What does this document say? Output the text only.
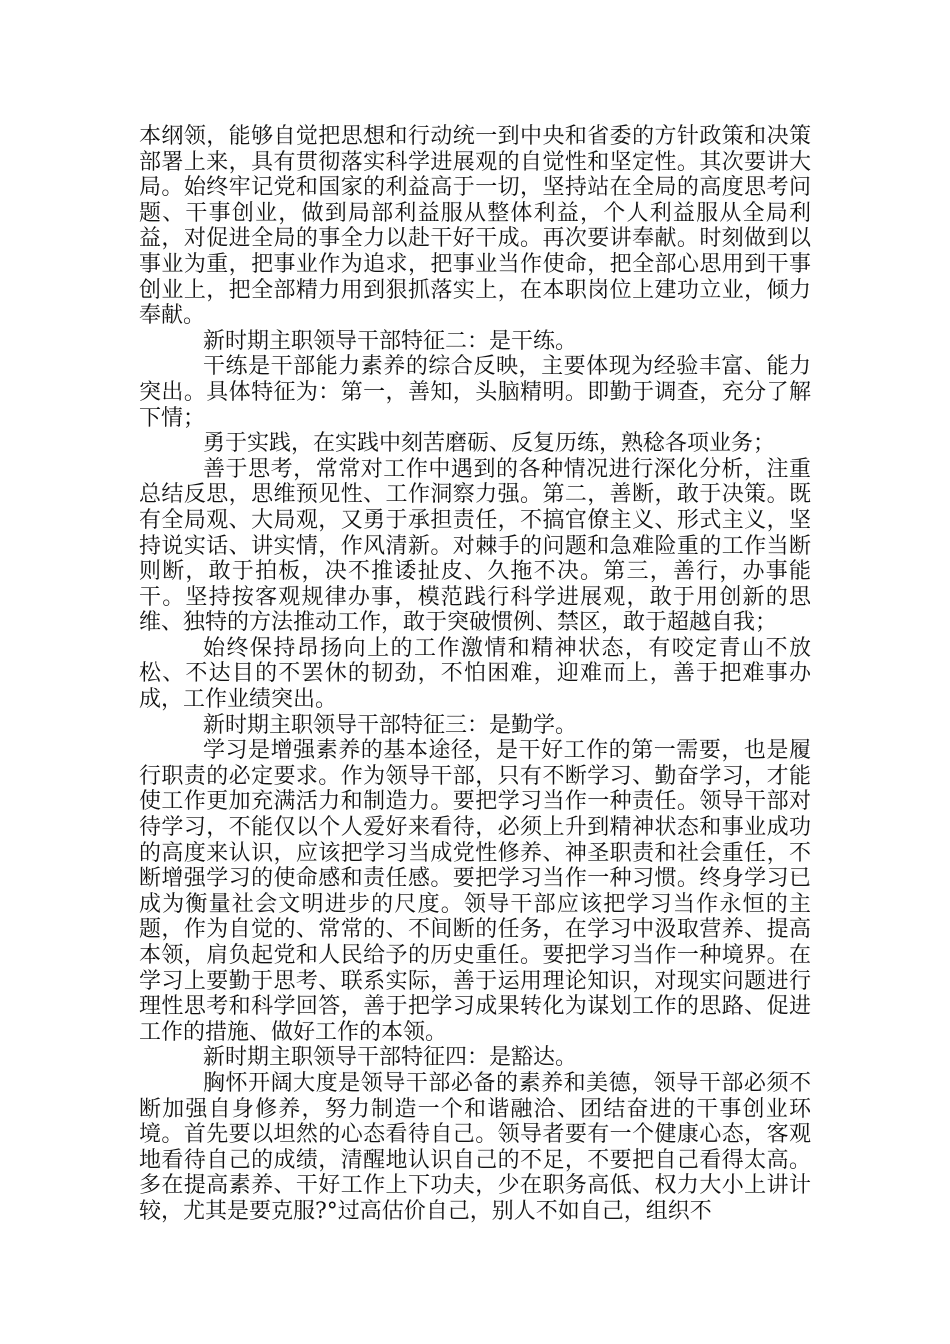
本纲领，能够自觉把思想和行动统一到中央和省委的方针政策和决策部署上来，具有贯彻落实科学进展观的自觉性和坚定性。其次要讲大局。始终牢记党和国家的利益高于一切，坚持站在全局的高度思考问题、干事创业，做到局部利益服从整体利益，个人利益服从全局利益，对促进全局的事全力以赴干好干成。再次要讲奉献。时刻做到以事业为重，把事业作为追求，把事业当作使命，把全部心思用到干事创业上，把全部精力用到狠抓落实上，在本职岗位上建功立业，倾力奉献。

新时期主职领导干部特征二：是干练。

干练是干部能力素养的综合反映，主要体现为经验丰富、能力突出。具体特征为：第一，善知，头脑精明。即勤于调查，充分了解下情；

勇于实践，在实践中刻苦磨砺、反复历练，熟稔各项业务；

善于思考，常常对工作中遇到的各种情况进行深化分析，注重总结反思，思维预见性、工作洞察力强。第二，善断，敢于决策。既有全局观、大局观，又勇于承担责任，不搞官僚主义、形式主义，坚持说实话、讲实情，作风清新。对棘手的问题和急难险重的工作当断则断，敢于拍板，决不推诿扯皮、久拖不决。第三，善行，办事能干。坚持按客观规律办事，模范践行科学进展观，敢于用创新的思维、独特的方法推动工作，敢于突破惯例、禁区，敢于超越自我；

始终保持昂扬向上的工作激情和精神状态，有咬定青山不放松、不达目的不罢休的韧劲，不怕困难，迎难而上，善于把难事办成，工作业绩突出。

新时期主职领导干部特征三：是勤学。

学习是增强素养的基本途径，是干好工作的第一需要，也是履行职责的必定要求。作为领导干部，只有不断学习、勤奋学习，才能使工作更加充满活力和制造力。要把学习当作一种责任。领导干部对待学习，不能仅以个人爱好来看待，必须上升到精神状态和事业成功的高度来认识，应该把学习当成党性修养、神圣职责和社会重任，不断增强学习的使命感和责任感。要把学习当作一种习惯。终身学习已成为衡量社会文明进步的尺度。领导干部应该把学习当作永恒的主题，作为自觉的、常常的、不间断的任务，在学习中汲取营养、提高本领，肩负起党和人民给予的历史重任。要把学习当作一种境界。在学习上要勤于思考、联系实际，善于运用理论知识，对现实问题进行理性思考和科学回答，善于把学习成果转化为谋划工作的思路、促进工作的措施、做好工作的本领。

新时期主职领导干部特征四：是豁达。

胸怀开阔大度是领导干部必备的素养和美德，领导干部必须不断加强自身修养，努力制造一个和谐融洽、团结奋进的干事创业环境。首先要以坦然的心态看待自己。领导者要有一个健康心态，客观地看待自己的成绩，清醒地认识自己的不足，不要把自己看得太高。多在提高素养、干好工作上下功夫，少在职务高低、权力大小上讲计较，尤其是要克服?°过高估价自己，别人不如自己，组织不
